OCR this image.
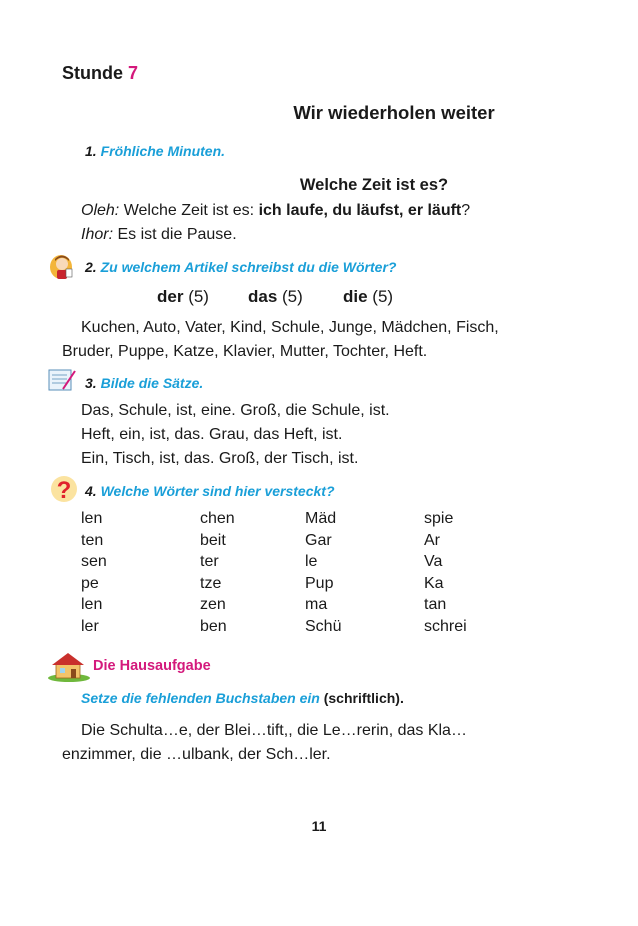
Stunde 7
Wir wiederholen weiter
1. Fröhliche Minuten.
Welche Zeit ist es?
Oleh: Welche Zeit ist es: ich laufe, du läufst, er läuft?
Ihor: Es ist die Pause.
2. Zu welchem Artikel schreibst du die Wörter?
der (5) das (5) die (5)
Kuchen, Auto, Vater, Kind, Schule, Junge, Mädchen, Fisch,
Bruder, Puppe, Katze, Klavier, Mutter, Tochter, Heft.
3. Bilde die Sätze.
Das, Schule, ist, eine. Groß, die Schule, ist.
Heft, ein, ist, das. Grau, das Heft, ist.
Ein, Tisch, ist, das. Groß, der Tisch, ist.
? 4. Welche Wörter sind hier versteckt?
len
ten
sen
pe
len
ler
chen
beit
ter
tze
zen
ben
Mäd
Gar
le
Pup
ma
Schü
spie
Ar
Va
Ka
tan
schrei
Die Hausaufgabe
Setze die fehlenden Buchstaben ein (schriftlich).
Die Schulta…e, der Blei…tift,, die Le…rerin, das Kla…
enzimmer, die …ulbank, der Sch…ler.
11
